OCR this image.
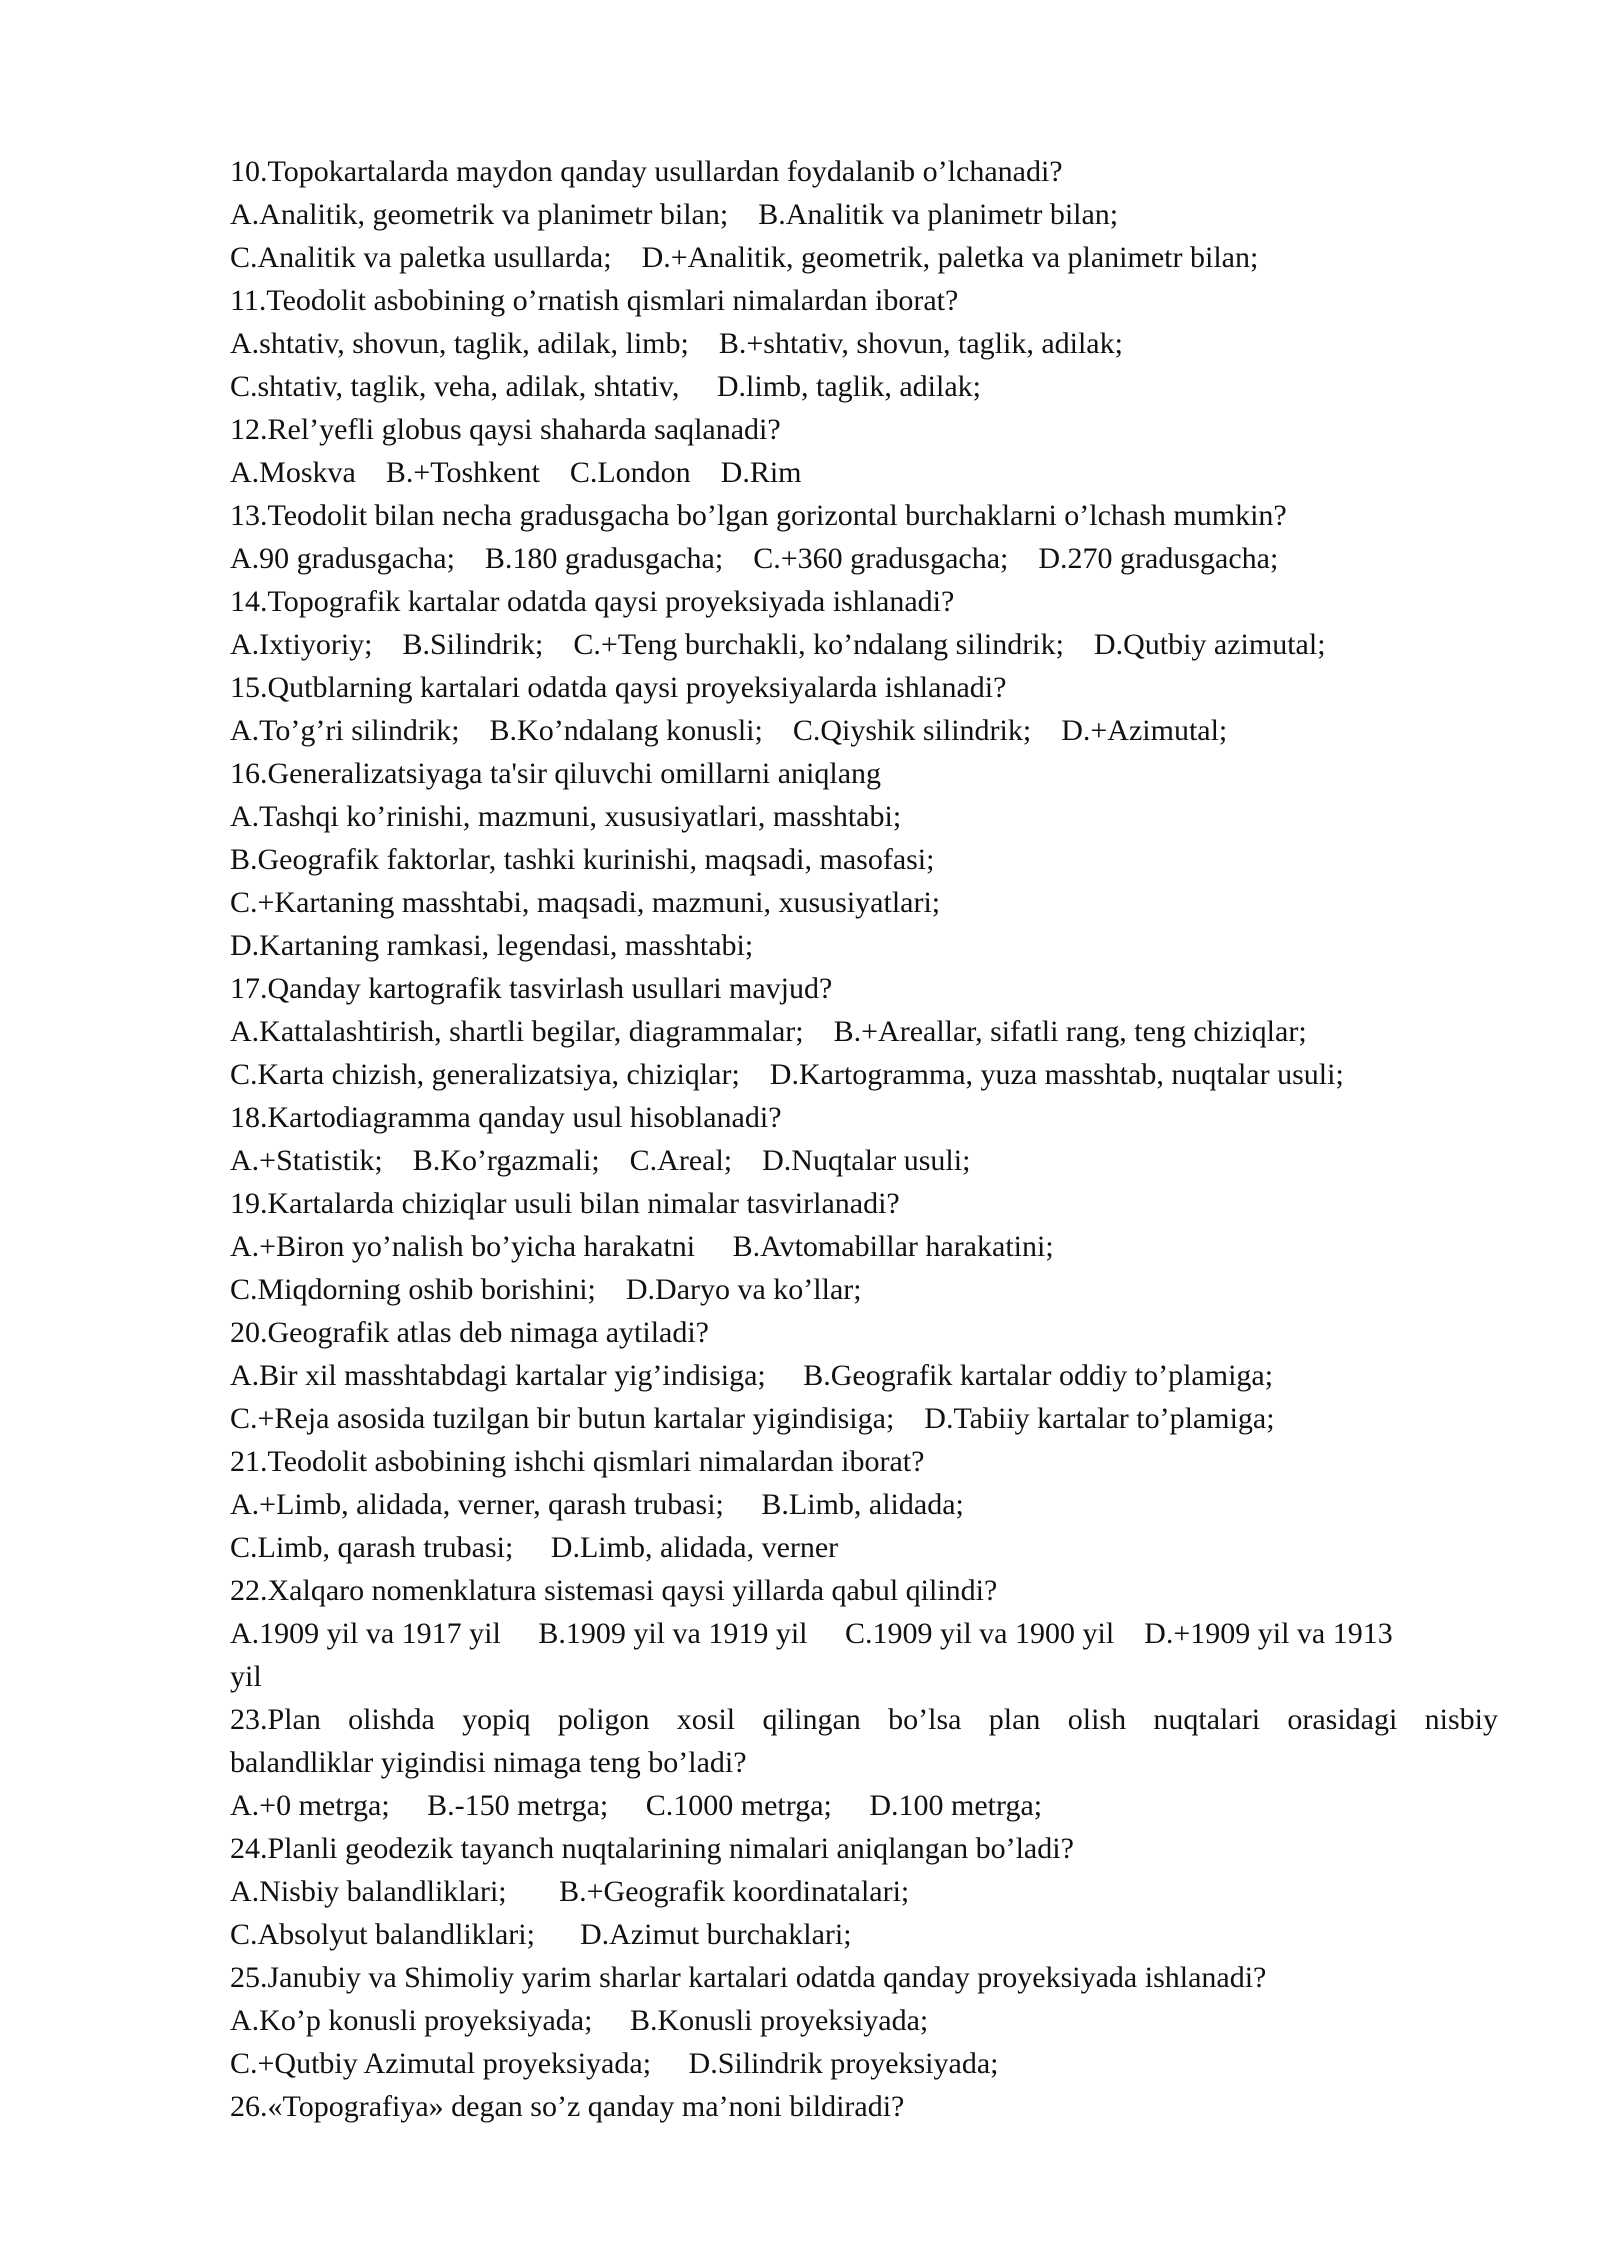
10.Topokartalarda maydon qanday usullardan foydalanib o’lchanadi?
A.Analitik, geometrik va planimetr bilan;    B.Analitik va planimetr bilan;
C.Analitik va paletka usullarda;    D.+Analitik, geometrik, paletka va planimetr bilan;
11.Teodolit asbobining o’rnatish qismlari nimalardan iborat?
A.shtativ, shovun, taglik, adilak, limb;    B.+shtativ, shovun, taglik, adilak;
C.shtativ, taglik, veha, adilak, shtativ,     D.limb, taglik, adilak;
12.Rel’yefli globus qaysi shaharda saqlanadi?
A.Moskva    B.+Toshkent    C.London    D.Rim
13.Teodolit bilan necha gradusgacha bo’lgan gorizontal burchaklarni o’lchash mumkin?
A.90 gradusgacha;    B.180 gradusgacha;    C.+360 gradusgacha;    D.270 gradusgacha;
14.Topografik kartalar odatda qaysi proyeksiyada ishlanadi?
A.Ixtiyoriy;    B.Silindrik;    C.+Teng burchakli, ko’ndalang silindrik;    D.Qutbiy azimutal;
15.Qutblarning kartalari odatda qaysi proyeksiyalarda ishlanadi?
A.To’g’ri silindrik;    B.Ko’ndalang konusli;    C.Qiyshik silindrik;    D.+Azimutal;
16.Generalizatsiyaga ta'sir qiluvchi omillarni aniqlang
A.Tashqi ko’rinishi, mazmuni, xususiyatlari, masshtabi;
B.Geografik faktorlar, tashki kurinishi, maqsadi, masofasi;
C.+Kartaning masshtabi, maqsadi, mazmuni, xususiyatlari;
D.Kartaning ramkasi, legendasi, masshtabi;
17.Qanday kartografik tasvirlash usullari mavjud?
A.Kattalashtirish, shartli begilar, diagrammalar;    B.+Areallar, sifatli rang, teng chiziqlar;
C.Karta chizish, generalizatsiya, chiziqlar;    D.Kartogramma, yuza masshtab, nuqtalar usuli;
18.Kartodiagramma qanday usul hisoblanadi?
A.+Statistik;    B.Ko’rgazmali;    C.Areal;    D.Nuqtalar usuli;
19.Kartalarda chiziqlar usuli bilan nimalar tasvirlanadi?
A.+Biron yo’nalish bo’yicha harakatni     B.Avtomabillar harakatini;
C.Miqdorning oshib borishini;    D.Daryo va ko’llar;
20.Geografik atlas deb nimaga aytiladi?
A.Bir xil masshtabdagi kartalar yig’indisiga;     B.Geografik kartalar oddiy to’plamiga;
C.+Reja asosida tuzilgan bir butun kartalar yigindisiga;    D.Tabiiy kartalar to’plamiga;
21.Teodolit asbobining ishchi qismlari nimalardan iborat?
A.+Limb, alidada, verner, qarash trubasi;     B.Limb, alidada;
C.Limb, qarash trubasi;     D.Limb, alidada, verner
22.Xalqaro nomenklatura sistemasi qaysi yillarda qabul qilindi?
A.1909 yil va 1917 yil     B.1909 yil va 1919 yil     C.1909 yil va 1900 yil    D.+1909 yil va 1913
yil
23.Plan olishda yopiq poligon xosil qilingan bo’lsa plan olish nuqtalari orasidagi nisbiy
balandliklar yigindisi nimaga teng bo’ladi?
A.+0 metrga;     B.-150 metrga;     C.1000 metrga;     D.100 metrga;
24.Planli geodezik tayanch nuqtalarining nimalari aniqlangan bo’ladi?
A.Nisbiy balandliklari;       B.+Geografik koordinatalari;
C.Absolyut balandliklari;      D.Azimut burchaklari;
25.Janubiy va Shimoliy yarim sharlar kartalari odatda qanday proyeksiyada ishlanadi?
A.Ko’p konusli proyeksiyada;     B.Konusli proyeksiyada;
C.+Qutbiy Azimutal proyeksiyada;     D.Silindrik proyeksiyada;
26.«Topografiya» degan so’z qanday ma’noni bildiradi?
